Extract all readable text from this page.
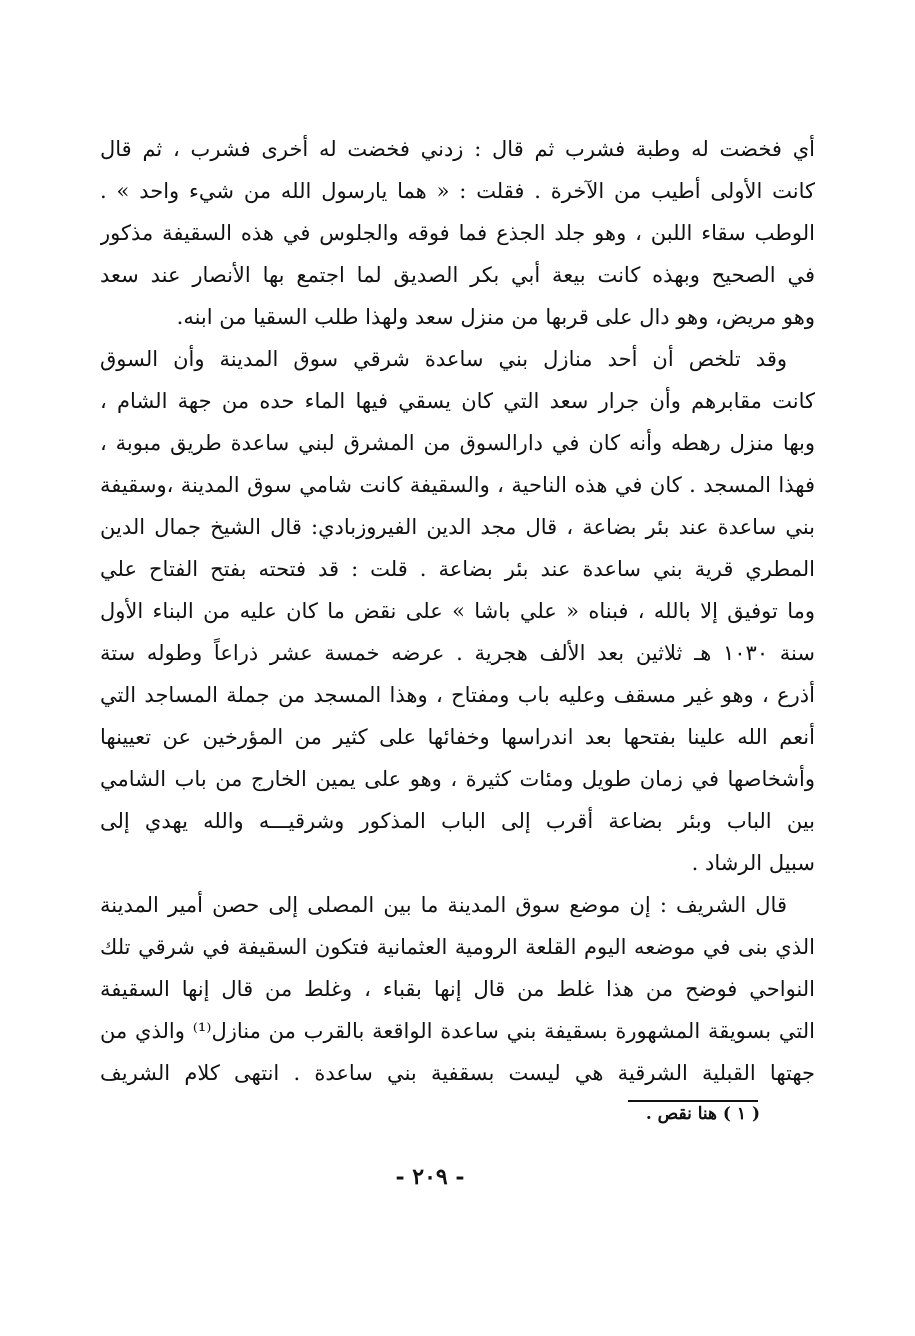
أي فخضت له وطبة فشرب ثم قال : زدني فخضت له أخرى فشرب ، ثم قال
كانت الأولى أطيب من الآخرة . فقلت : « هما يارسول الله من شيء واحد » .
الوطب سقاء اللبن ، وهو جلد الجذع فما فوقه والجلوس في هذه السقيفة مذكور
في الصحيح وبهذه كانت بيعة أبي بكر الصديق لما اجتمع بها الأنصار عند سعد
وهو مريض، وهو دال على قربها من منزل سعد ولهذا طلب السقيا من ابنه.
وقد تلخص أن أحد منازل بني ساعدة شرقي سوق المدينة وأن السوق
كانت مقابرهم وأن جرار سعد التي كان يسقي فيها الماء حده من جهة الشام ،
وبها منزل رهطه وأنه كان في دارالسوق من المشرق لبني ساعدة طريق مبوبة ،
فهذا المسجد . كان في هذه الناحية ، والسقيفة كانت شامي سوق المدينة ،وسقيفة
بني ساعدة عند بئر بضاعة ، قال مجد الدين الفيروزبادي: قال الشيخ جمال الدين
المطري قرية بني ساعدة عند بئر بضاعة . قلت : قد فتحته بفتح الفتاح علي
وما توفيق إلا بالله ، فبناه « علي باشا » على نقض ما كان عليه من البناء الأول
سنة ١٠٣٠ هـ ثلاثين بعد الألف هجرية . عرضه خمسة عشر ذراعاً وطوله ستة
أذرع ، وهو غير مسقف وعليه باب ومفتاح ، وهذا المسجد من جملة المساجد التي
أنعم الله علينا بفتحها بعد اندراسها وخفائها على كثير من المؤرخين عن تعيينها
وأشخاصها في زمان طويل ومئات كثيرة ، وهو على يمين الخارج من باب الشامي
بين الباب وبئر بضاعة أقرب إلى الباب المذكور وشرقيـــه والله يهدي إلى
سبيل الرشاد .
قال الشريف : إن موضع سوق المدينة ما بين المصلى إلى حصن أمير المدينة
الذي بنى في موضعه اليوم القلعة الرومية العثمانية فتكون السقيفة في شرقي تلك
النواحي فوضح من هذا غلط من قال إنها بقباء ، وغلط من قال إنها السقيفة
التي بسويقة المشهورة بسقيفة بني ساعدة الواقعة بالقرب من منازل⁽¹⁾ والذي من
جهتها القبلية الشرقية هي ليست بسقفية بني ساعدة . انتهى كلام الشريف
( ١ ) هنا نقص .
- ٢٠٩ -
